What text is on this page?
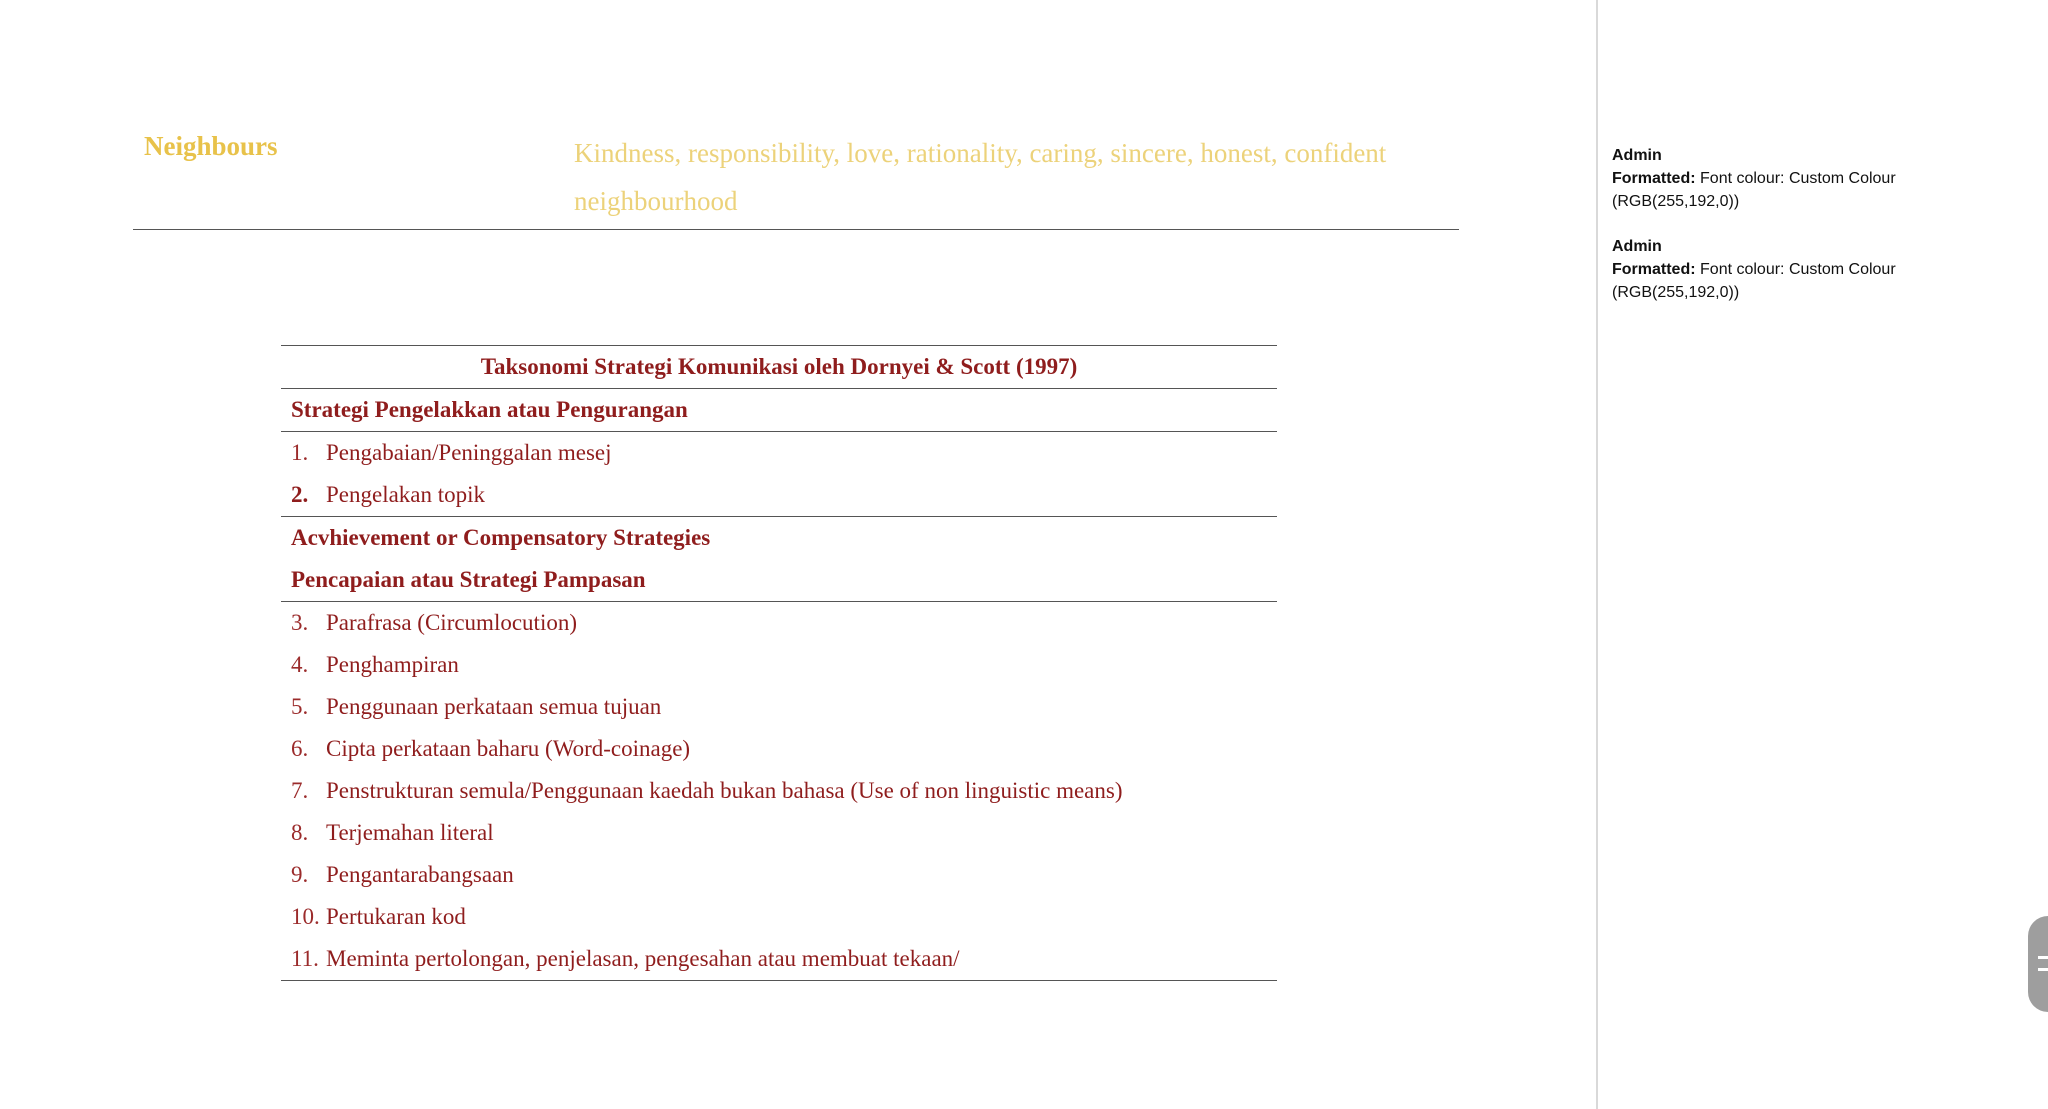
Neighbours	Kindness, responsibility, love, rationality, caring, sincere, honest, confident
neighbourhood
Taksonomi Strategi Komunikasi oleh Dornyei & Scott (1997)
Strategi Pengelakkan atau Pengurangan
1. Pengabaian/Peninggalan mesej
2. Pengelakan topik
Acvhievement or Compensatory Strategies
Pencapaian atau Strategi Pampasan
3. Parafrasa (Circumlocution)
4. Penghampiran
5. Penggunaan perkataan semua tujuan
6. Cipta perkataan baharu (Word-coinage)
7. Penstrukturan semula/Penggunaan kaedah bukan bahasa (Use of non linguistic means)
8. Terjemahan literal
9. Pengantarabangsaan
10. Pertukaran kod
11. Meminta pertolongan, penjelasan, pengesahan atau membuat tekaan/
Admin
Formatted: Font colour: Custom Colour (RGB(255,192,0))
Admin
Formatted: Font colour: Custom Colour (RGB(255,192,0))
